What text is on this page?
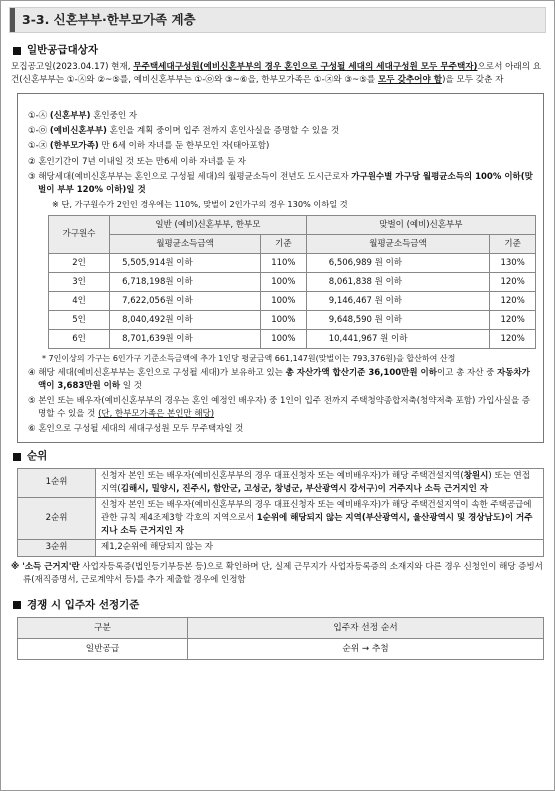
3-3. 신혼부부·한부모가족 계층
일반공급대상자

모집공고일(2023.04.17) 현재, 무주택세대구성원(예비신혼부부의 경우 혼인으로 구성될 세대의 세대구성원 모두 무주택자)으로서 아래의 요건(신혼부부는 ①-㉦와 ②~⑤를, 예비신혼부부는 ①-㉧와 ③~⑥을, 한부모가족은 ①-㉨와 ③~⑤를 모두 갖추어야 함)을 모두 갖춘 자

①-㉦ (신혼부부) 혼인중인 자

①-㉧ (예비신혼부부) 혼인을 계획 중이며 입주 전까지 혼인사실을 증명할 수 있을 것

①-㉨ (한부모가족) 만 6세 이하 자녀를 둔 한부모인 자(태아포함)

② 혼인기간이 7년 이내일 것 또는 만6세 이하 자녀를 둔 자

③ 해당세대(예비신혼부부는 혼인으로 구성될 세대)의 월평균소득이 전년도 도시근로자 가구원수별 가구당 월평균소득의 100% 이하(맞벌이 부부 120% 이하)일 것

※ 단, 가구원수가 2인인 경우에는 110%, 맞벌이 2인가구의 경우 130% 이하일 것

가구원수	일반 (예비)신혼부부, 한부모		맞벌이 (예비)신혼부부	
	월평균소득금액	기준	월평균소득금액	기준
2인	5,505,914원 이하	110%	6,506,989 원 이하	130%
3인	6,718,198원 이하	100%	8,061,838 원 이하	120%
4인	7,622,056원 이하	100%	9,146,467 원 이하	120%
5인	8,040,492원 이하	100%	9,648,590 원 이하	120%
6인	8,701,639원 이하	100%	10,441,967 원 이하	120%

* 7인이상의 가구는 6인가구 기준소득금액에 추가 1인당 평균금액 661,147원(맞벌이는 793,376원)을 합산하여 산정

④ 해당 세대(예비신혼부부는 혼인으로 구성될 세대)가 보유하고 있는 총 자산가액 합산기준 36,100만원 이하이고 총 자산 중 자동차가액이 3,683만원 이하 일 것

⑤ 본인 또는 배우자(예비신혼부부의 경우는 혼인 예정인 배우자) 중 1인이 입주 전까지 주택청약종합저축(청약저축 포함) 가입사실을 증명할 수 있을 것 (단, 한부모가족은 본인만 해당)

⑥ 혼인으로 구성될 세대의 세대구성원 모두 무주택자일 것

순위
1순위	신청자 본인 또는 배우자(예비신혼부부의 경우 대표신청자 또는 예비배우자)가 해당 주택건설지역(창원시) 또는 연접지역(김해시, 밀양시, 진주시, 함안군, 고성군, 창녕군, 부산광역시 강서구)이 거주지나 소득 근거지인 자
2순위	신청자 본인 또는 배우자(예비신혼부부의 경우 대표신청자 또는 예비배우자)가 해당 주택건설지역이 속한 주택공급에 관한 규칙 제4조제3항 각호의 지역으로서 1순위에 해당되지 않는 지역(부산광역시, 울산광역시 및 경상남도)이 거주지나 소득 근거지인 자
3순위	제1,2순위에 해당되지 않는 자

※ '소득 근거지'란 사업자등록증(법인등기부등본 등)으로 확인하며 단, 실제 근무지가 사업자등록증의 소재지와 다른 경우 신청인이 해당 증빙서류(재직증명서, 근로계약서 등)를 추가 제출할 경우에 인정함

경쟁 시 입주자 선정기준
구분	입주자 선정 순서
일반공급	순위 → 추첨
